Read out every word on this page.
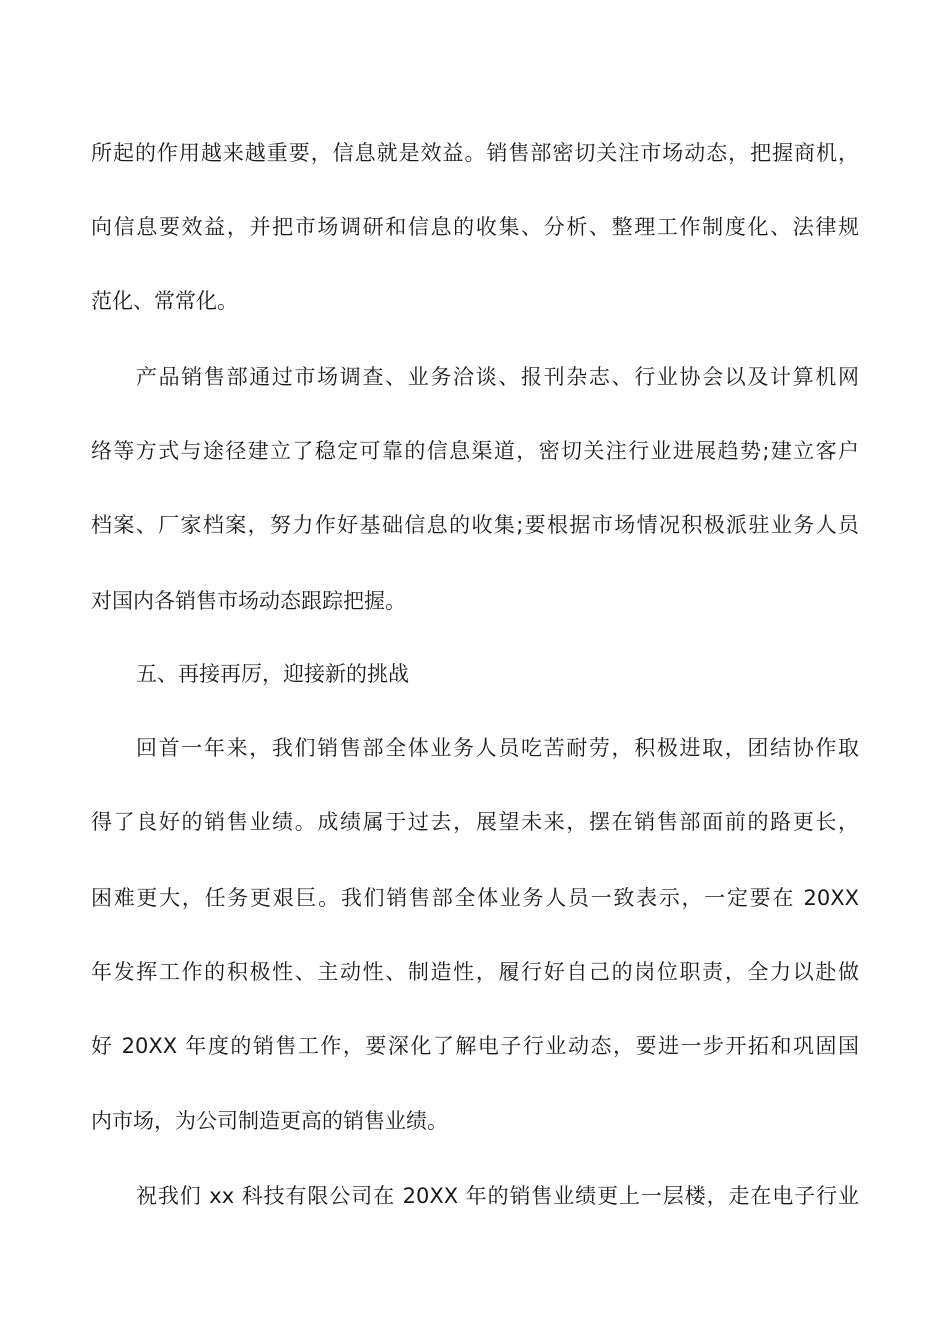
所起的作用越来越重要，信息就是效益。销售部密切关注市场动态，把握商机，
向信息要效益，并把市场调研和信息的收集、分析、整理工作制度化、法律规
范化、常常化。
产品销售部通过市场调查、业务洽谈、报刊杂志、行业协会以及计算机网
络等方式与途径建立了稳定可靠的信息渠道，密切关注行业进展趋势;建立客户
档案、厂家档案，努力作好基础信息的收集;要根据市场情况积极派驻业务人员
对国内各销售市场动态跟踪把握。
五、再接再厉，迎接新的挑战
回首一年来，我们销售部全体业务人员吃苦耐劳，积极进取，团结协作取
得了良好的销售业绩。成绩属于过去，展望未来，摆在销售部面前的路更长，
困难更大，任务更艰巨。我们销售部全体业务人员一致表示，一定要在 20XX
年发挥工作的积极性、主动性、制造性，履行好自己的岗位职责，全力以赴做
好 20XX 年度的销售工作，要深化了解电子行业动态，要进一步开拓和巩固国
内市场，为公司制造更高的销售业绩。
祝我们 xx 科技有限公司在 20XX 年的销售业绩更上一层楼，走在电子行业
